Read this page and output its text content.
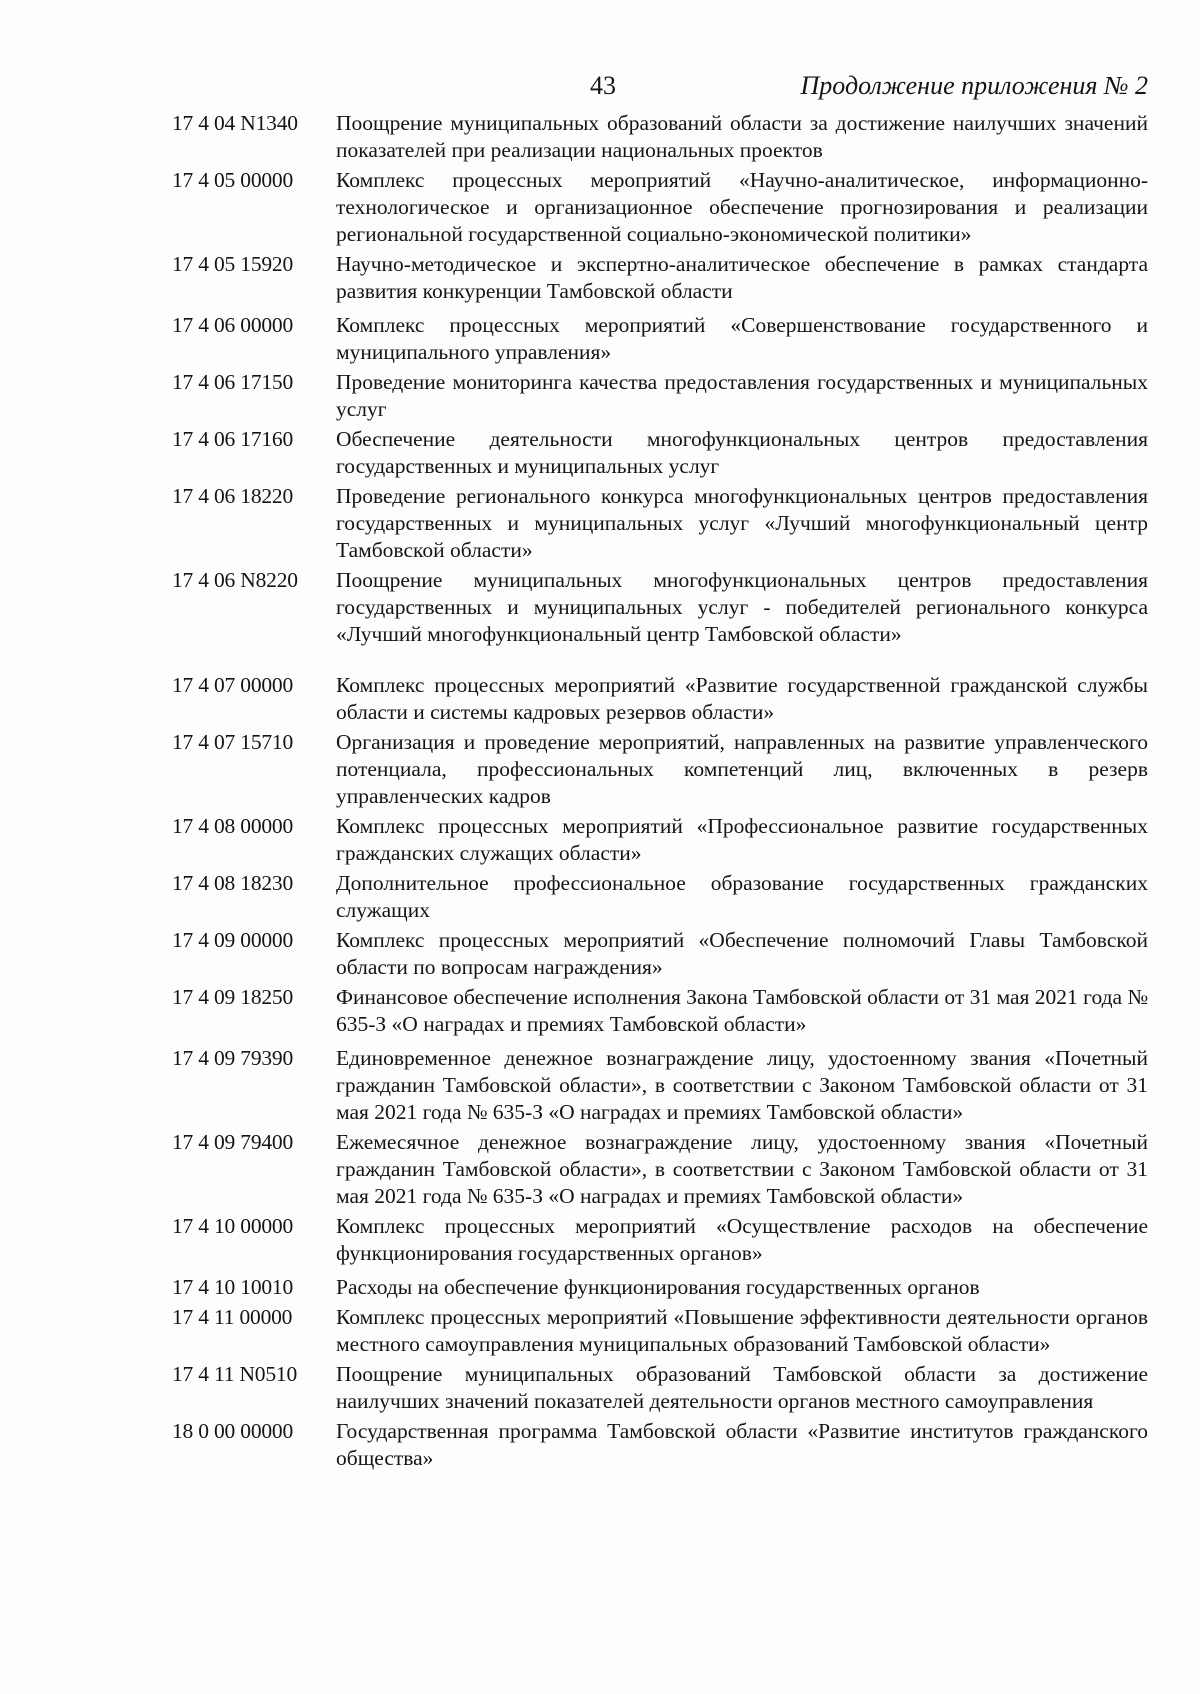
43	Продолжение приложения № 2
17 4 04 N1340	Поощрение муниципальных образований области за достижение наилучших значений показателей при реализации национальных проектов
17 4 05 00000	Комплекс процессных мероприятий «Научно-аналитическое, информационно-технологическое и организационное обеспечение прогнозирования и реализации региональной государственной социально-экономической политики»
17 4 05 15920	Научно-методическое и экспертно-аналитическое обеспечение в рамках стандарта развития конкуренции Тамбовской области
17 4 06 00000	Комплекс процессных мероприятий «Совершенствование государственного и муниципального управления»
17 4 06 17150	Проведение мониторинга качества предоставления государственных и муниципальных услуг
17 4 06 17160	Обеспечение деятельности многофункциональных центров предоставления государственных и муниципальных услуг
17 4 06 18220	Проведение регионального конкурса многофункциональных центров предоставления государственных и муниципальных услуг «Лучший многофункциональный центр Тамбовской области»
17 4 06 N8220	Поощрение муниципальных многофункциональных центров предоставления государственных и муниципальных услуг - победителей регионального конкурса «Лучший многофункциональный центр Тамбовской области»
17 4 07 00000	Комплекс процессных мероприятий «Развитие государственной гражданской службы области и системы кадровых резервов области»
17 4 07 15710	Организация и проведение мероприятий, направленных на развитие управленческого потенциала, профессиональных компетенций лиц, включенных в резерв управленческих кадров
17 4 08 00000	Комплекс процессных мероприятий «Профессиональное развитие государственных гражданских служащих области»
17 4 08 18230	Дополнительное профессиональное образование государственных гражданских служащих
17 4 09 00000	Комплекс процессных мероприятий «Обеспечение полномочий Главы Тамбовской области по вопросам награждения»
17 4 09 18250	Финансовое обеспечение исполнения Закона Тамбовской области от 31 мая 2021 года № 635-З «О наградах и премиях Тамбовской области»
17 4 09 79390	Единовременное денежное вознаграждение лицу, удостоенному звания «Почетный гражданин Тамбовской области», в соответствии с Законом Тамбовской области от 31 мая 2021 года № 635-З «О наградах и премиях Тамбовской области»
17 4 09 79400	Ежемесячное денежное вознаграждение лицу, удостоенному звания «Почетный гражданин Тамбовской области», в соответствии с Законом Тамбовской области от 31 мая 2021 года № 635-З «О наградах и премиях Тамбовской области»
17 4 10 00000	Комплекс процессных мероприятий «Осуществление расходов на обеспечение функционирования государственных органов»
17 4 10 10010	Расходы на обеспечение функционирования государственных органов
17 4 11 00000	Комплекс процессных мероприятий «Повышение эффективности деятельности органов местного самоуправления муниципальных образований Тамбовской области»
17 4 11 N0510	Поощрение муниципальных образований Тамбовской области за достижение наилучших значений показателей деятельности органов местного самоуправления
18 0 00 00000	Государственная программа Тамбовской области «Развитие институтов гражданского общества»
